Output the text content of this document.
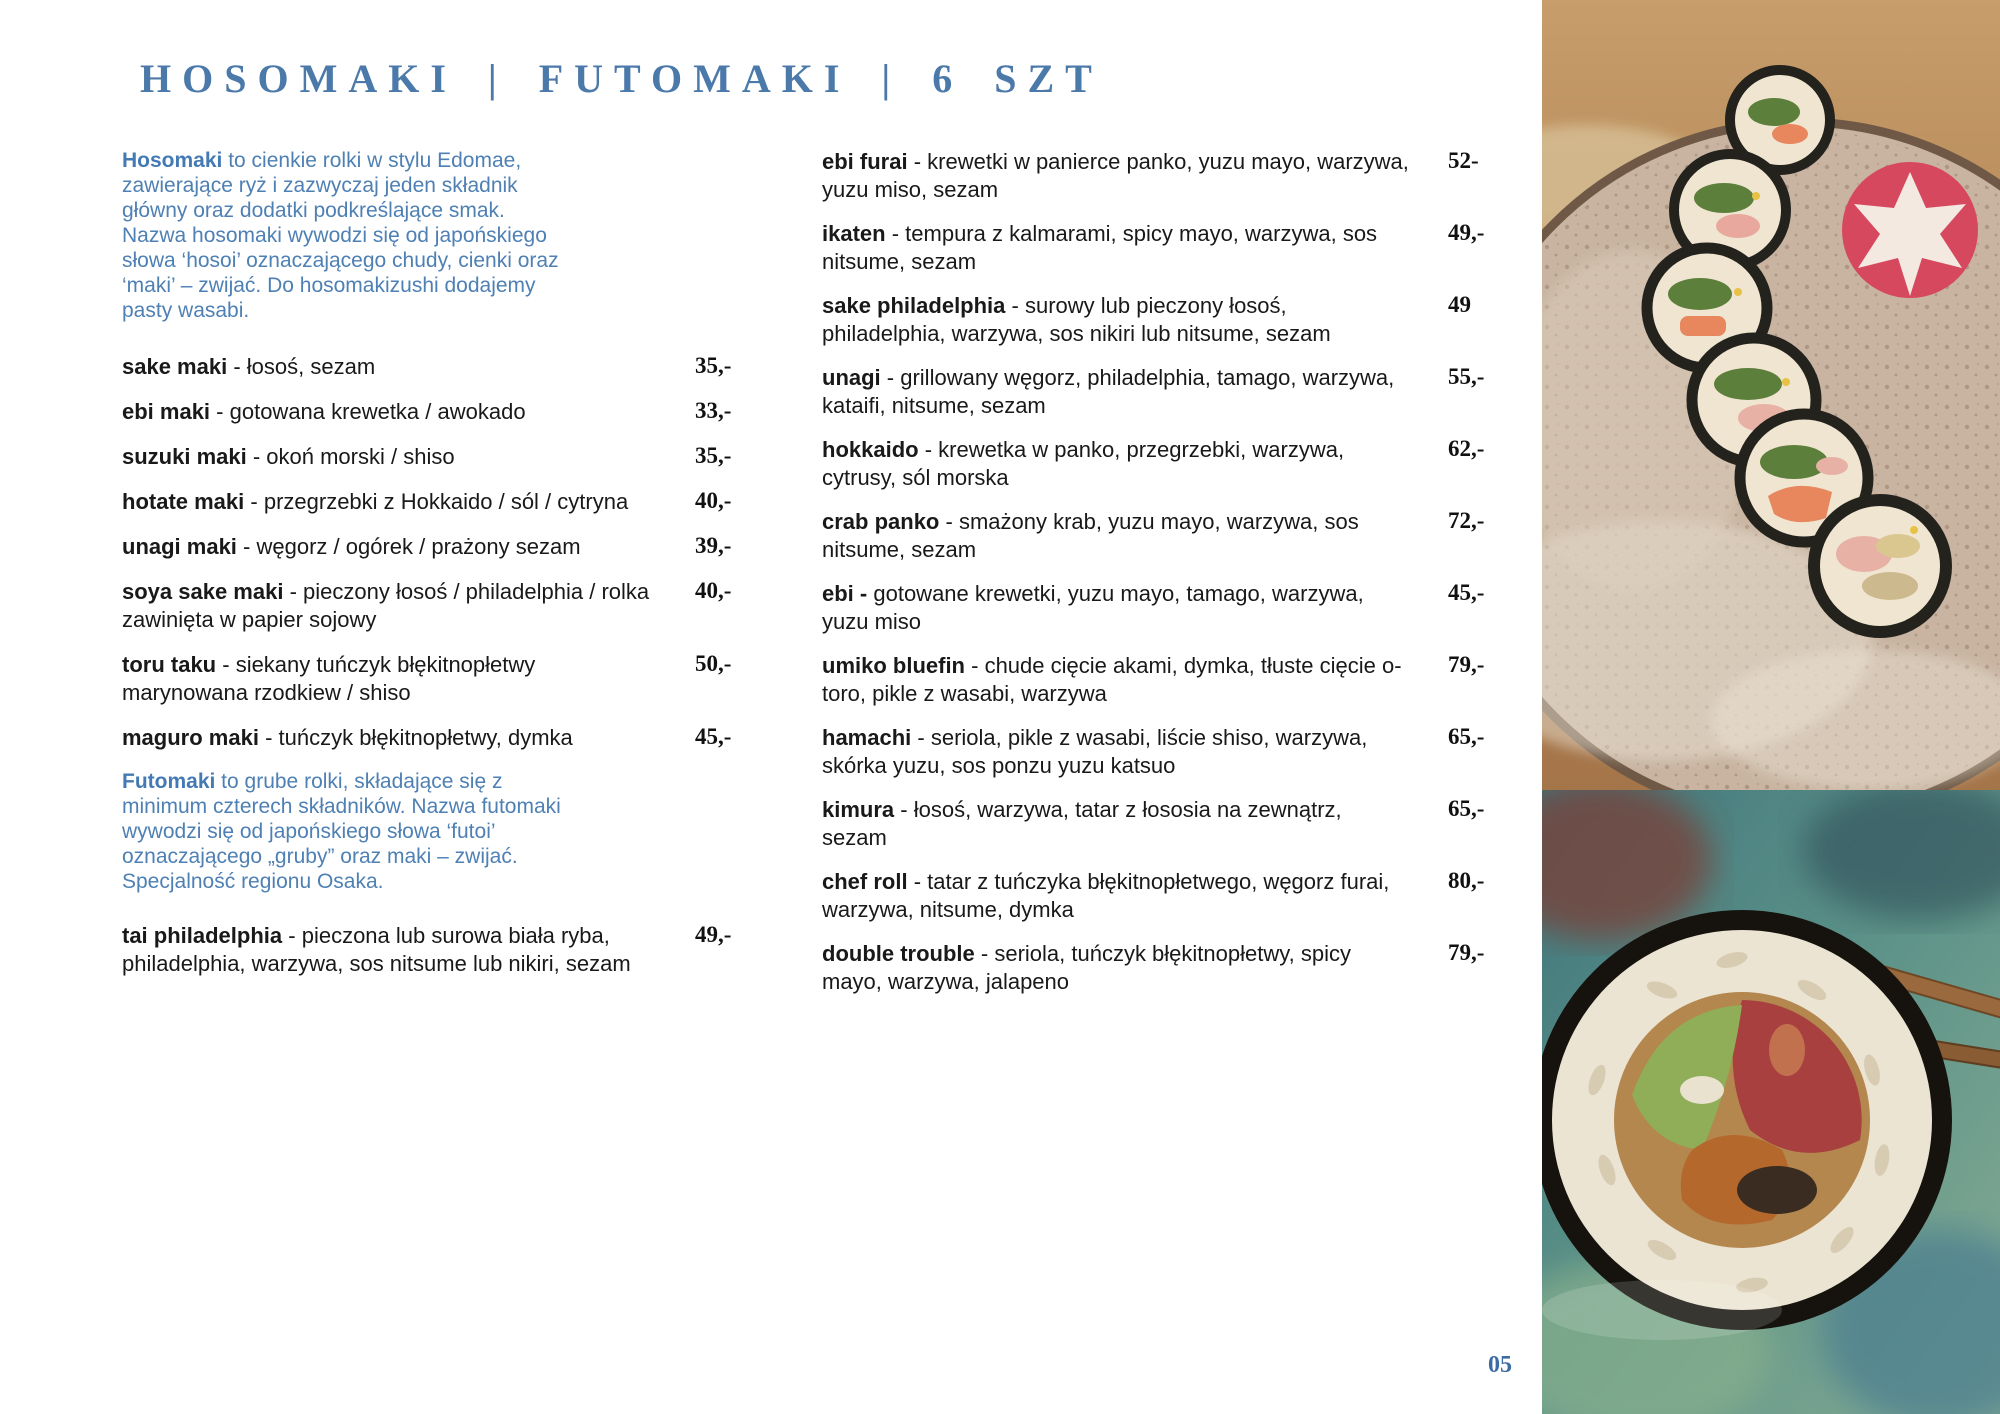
HOSOMAKI | FUTOMAKI | 6 SZT

Hosomaki to cienkie rolki w stylu Edomae, zawierające ryż i zazwyczaj jeden składnik główny oraz dodatki podkreślające smak. Nazwa hosomaki wywodzi się od japońskiego słowa ‘hosoi’ oznaczającego chudy, cienki oraz ‘maki’ – zwijać. Do hosomakizushi dodajemy pasty wasabi.

sake maki - łosoś, sezam	35,-
ebi maki - gotowana krewetka / awokado	33,-
suzuki maki - okoń morski / shiso	35,-
hotate maki - przegrzebki z Hokkaido / sól / cytryna	40,-
unagi maki - węgorz / ogórek / prażony sezam	39,-
soya sake maki - pieczony łosoś / philadelphia / rolka zawinięta w papier sojowy
40,-
toru taku - siekany tuńczyk błękitnopłetwy marynowana rzodkiew / shiso
50,-
maguro maki - tuńczyk błękitnopłetwy, dymka	45,-

Futomaki to grube rolki, składające się z minimum czterech składników. Nazwa futomaki wywodzi się od japońskiego słowa ‘futoi’ oznaczającego „gruby” oraz maki – zwijać. Specjalność regionu Osaka.

tai philadelphia - pieczona lub surowa biała ryba, philadelphia, warzywa, sos nitsume lub nikiri, sezam
49,-
ebi furai - krewetki w panierce panko, yuzu mayo, warzywa, yuzu miso, sezam
52-
ikaten - tempura z kalmarami, spicy mayo, warzywa, sos nitsume, sezam
49,-
sake philadelphia - surowy lub pieczony łosoś, philadelphia, warzywa, sos nikiri lub nitsume, sezam
49
unagi - grillowany węgorz, philadelphia, tamago, warzywa, kataifi, nitsume, sezam
55,-
hokkaido - krewetka w panko, przegrzebki, warzywa, cytrusy, sól morska
62,-
crab panko - smażony krab, yuzu mayo, warzywa, sos nitsume, sezam
72,-
ebi - gotowane krewetki, yuzu mayo, tamago, warzywa, yuzu miso
45,-
umiko bluefin - chude cięcie akami, dymka, tłuste cięcie o-toro, pikle z wasabi, warzywa
79,-
hamachi - seriola, pikle z wasabi, liście shiso, warzywa, skórka yuzu, sos ponzu yuzu katsuo
65,-
kimura - łosoś, warzywa, tatar z łososia na zewnątrz, sezam
65,-
chef roll - tatar z tuńczyka błękitnopłetwego, węgorz furai, warzywa, nitsume, dymka
80,-
double trouble - seriola, tuńczyk błękitnopłetwy, spicy mayo, warzywa, jalapeno
79,-
05
